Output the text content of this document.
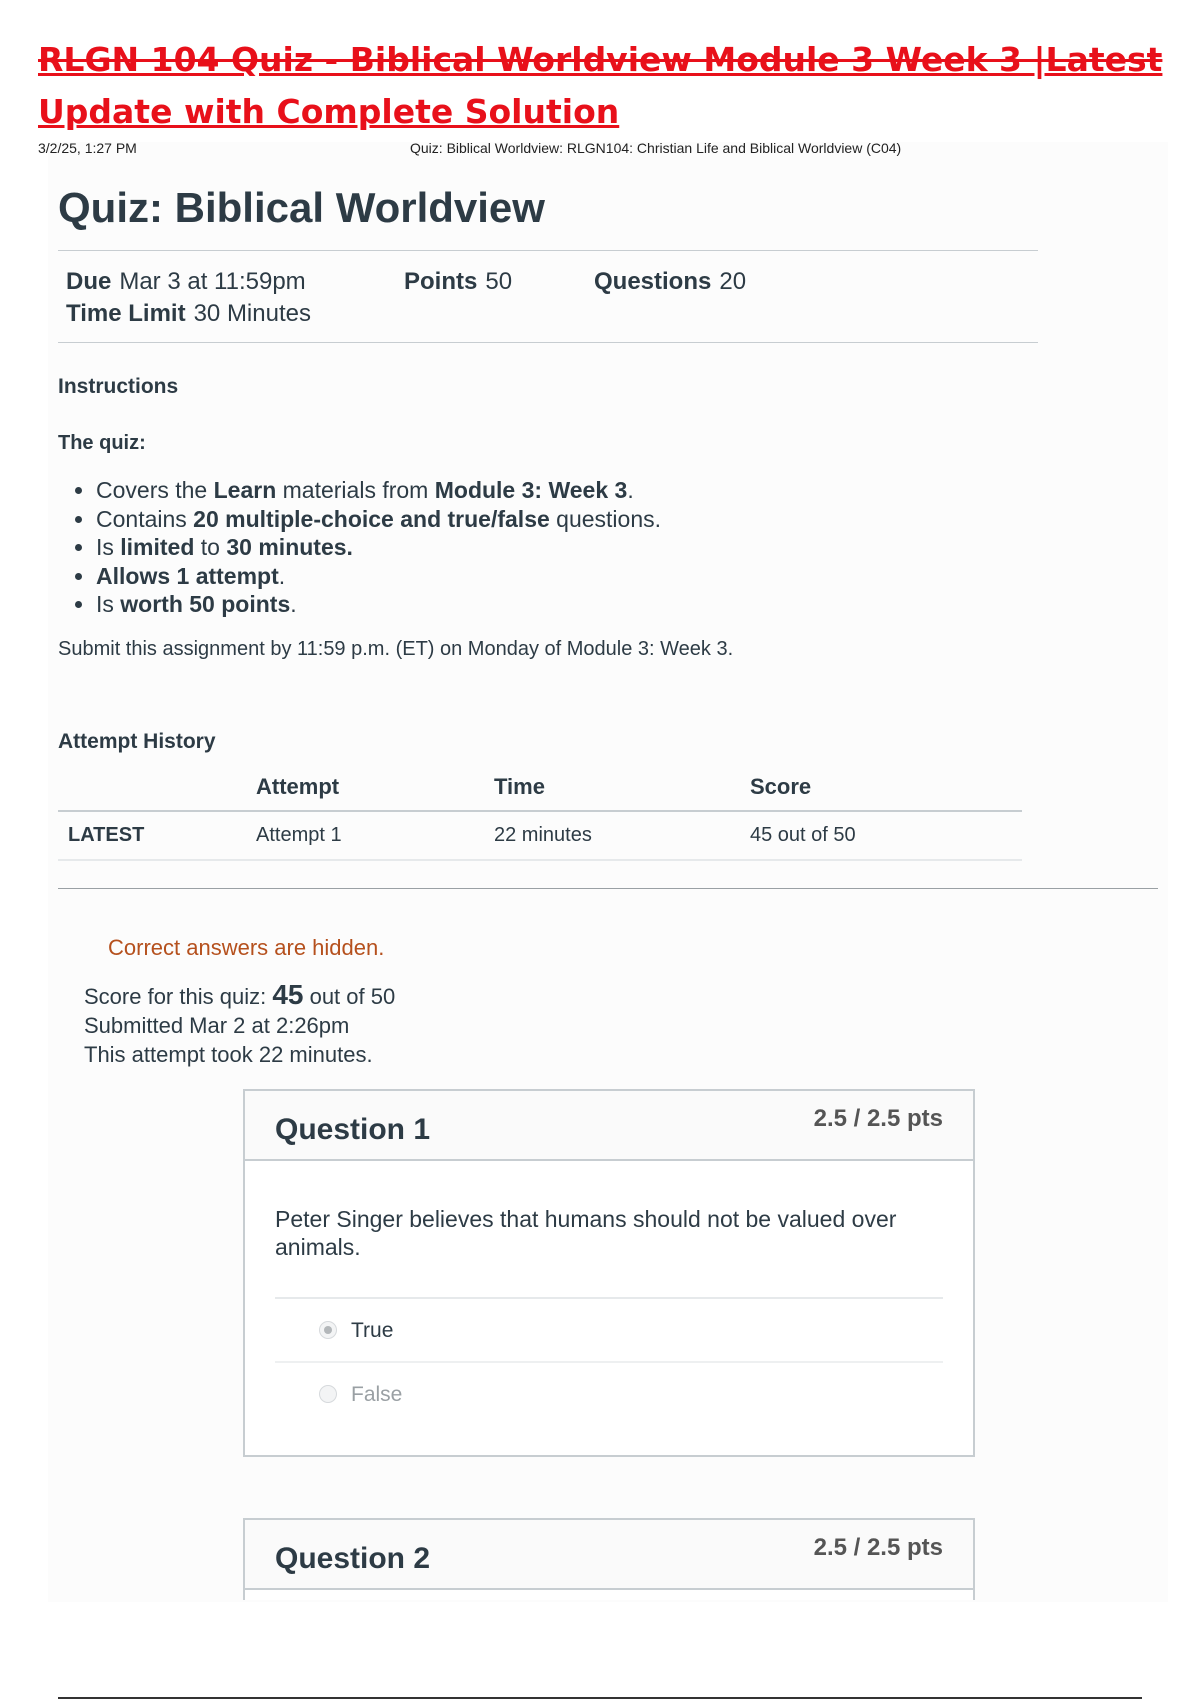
RLGN 104 Quiz - Biblical Worldview Module 3 Week 3 |Latest
Update with Complete Solution
3/2/25, 1:27 PM	Quiz: Biblical Worldview: RLGN104: Christian Life and Biblical Worldview (C04)
Quiz: Biblical Worldview
Due Mar 3 at 11:59pm	Points 50	Questions 20
Time Limit 30 Minutes
Instructions
The quiz:
• Covers the Learn materials from Module 3: Week 3.
• Contains 20 multiple-choice and true/false questions.
• Is limited to 30 minutes.
• Allows 1 attempt.
• Is worth 50 points.
Submit this assignment by 11:59 p.m. (ET) on Monday of Module 3: Week 3.
Attempt History
	Attempt	Time	Score
LATEST	Attempt 1	22 minutes	45 out of 50
Correct answers are hidden.
Score for this quiz: 45 out of 50
Submitted Mar 2 at 2:26pm
This attempt took 22 minutes.
Question 1	2.5 / 2.5 pts
Peter Singer believes that humans should not be valued over animals.
True
False
Question 2	2.5 / 2.5 pts
